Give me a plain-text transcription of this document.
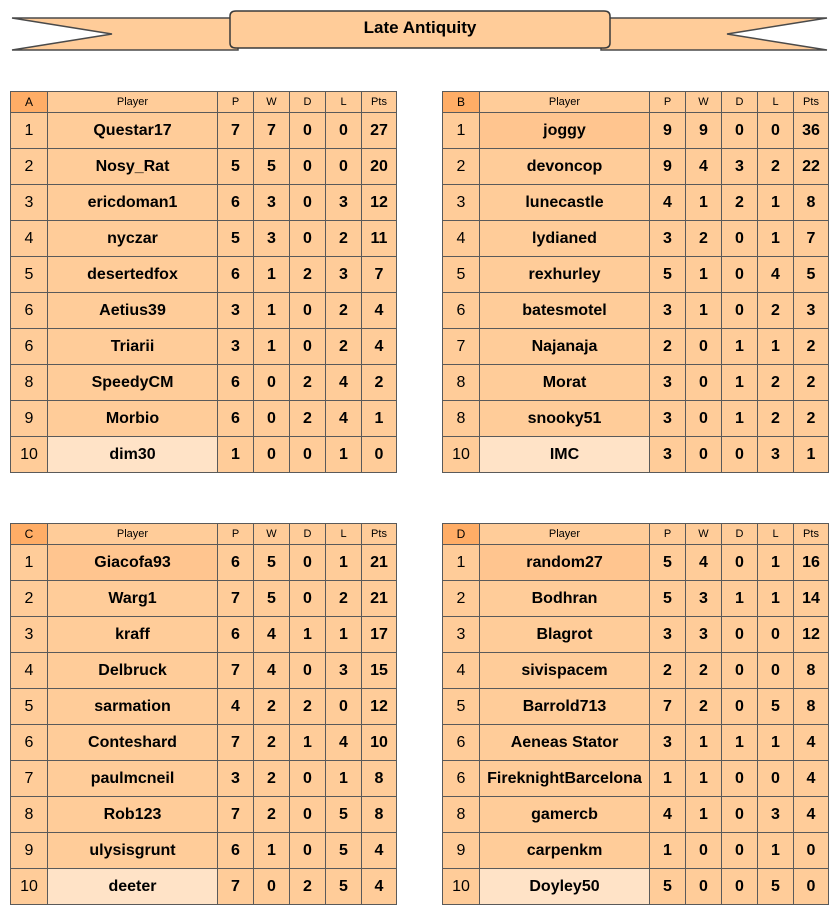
Late Antiquity
A	Player	P	W	D	L	Pts
1	Questar17	7	7	0	0	27
2	Nosy_Rat	5	5	0	0	20
3	ericdoman1	6	3	0	3	12
4	nyczar	5	3	0	2	11
5	desertedfox	6	1	2	3	7
6	Aetius39	3	1	0	2	4
6	Triarii	3	1	0	2	4
8	SpeedyCM	6	0	2	4	2
9	Morbio	6	0	2	4	1
10	dim30	1	0	0	1	0
B	Player	P	W	D	L	Pts
1	joggy	9	9	0	0	36
2	devoncop	9	4	3	2	22
3	lunecastle	4	1	2	1	8
4	lydianed	3	2	0	1	7
5	rexhurley	5	1	0	4	5
6	batesmotel	3	1	0	2	3
7	Najanaja	2	0	1	1	2
8	Morat	3	0	1	2	2
8	snooky51	3	0	1	2	2
10	IMC	3	0	0	3	1
C	Player	P	W	D	L	Pts
1	Giacofa93	6	5	0	1	21
2	Warg1	7	5	0	2	21
3	kraff	6	4	1	1	17
4	Delbruck	7	4	0	3	15
5	sarmation	4	2	2	0	12
6	Conteshard	7	2	1	4	10
7	paulmcneil	3	2	0	1	8
8	Rob123	7	2	0	5	8
9	ulysisgrunt	6	1	0	5	4
10	deeter	7	0	2	5	4
D	Player	P	W	D	L	Pts
1	random27	5	4	0	1	16
2	Bodhran	5	3	1	1	14
3	Blagrot	3	3	0	0	12
4	sivispacem	2	2	0	0	8
5	Barrold713	7	2	0	5	8
6	Aeneas Stator	3	1	1	1	4
6	FireknightBarcelona	1	1	0	0	4
8	gamercb	4	1	0	3	4
9	carpenkm	1	0	0	1	0
10	Doyley50	5	0	0	5	0
